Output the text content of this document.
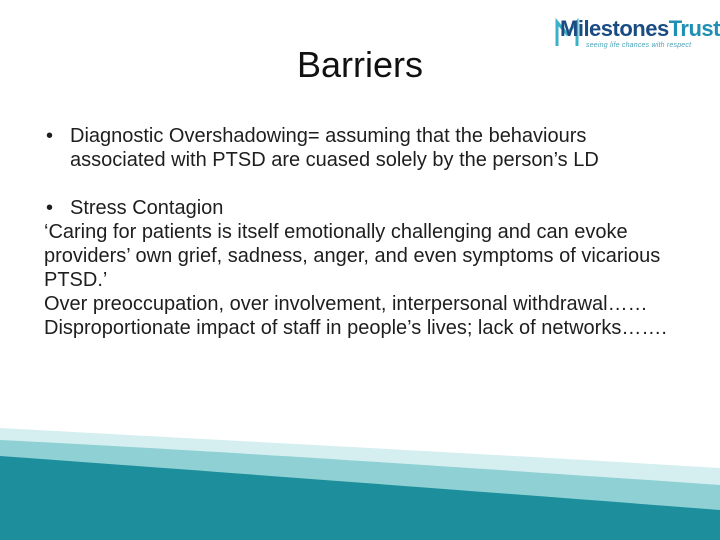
MilestonesTrust
seeing life chances with respect
Barriers

• Diagnostic Overshadowing= assuming that the behaviours associated with PTSD are cuased solely by the person’s LD

• Stress Contagion

‘Caring for patients is itself emotionally challenging and can evoke providers’ own grief, sadness, anger, and even symptoms of vicarious PTSD.’

Over preoccupation, over involvement, interpersonal withdrawal……

Disproportionate impact of staff in people’s lives; lack of networks…….
